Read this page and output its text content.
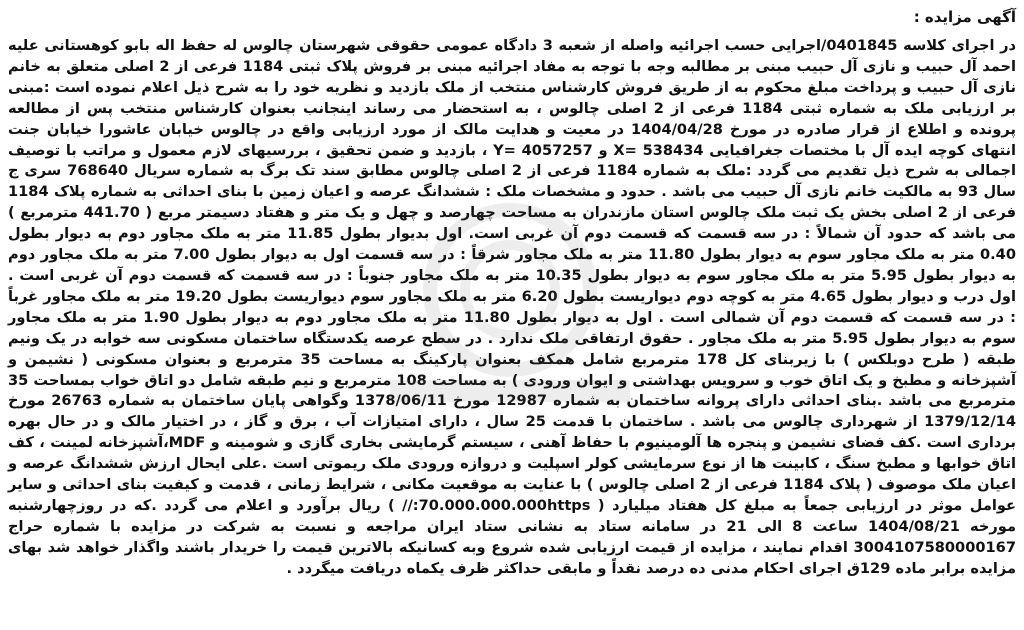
آگهی مزایده :

در اجرای کلاسه 0401845/اجرایی حسب اجرائیه واصله از شعبه 3 دادگاه عمومی حقوقی شهرستان چالوس له حفظ اله بابو کوهستانی علیه احمد آل حبیب و نازی آل حبیب مبنی بر مطالبه وجه با توجه به مفاد اجرائیه مبنی بر فروش پلاک ثبتی 1184 فرعی از 2 اصلی متعلق به خانم نازی آل حبیب و پرداخت مبلغ محکوم به از طریق فروش کارشناس منتخب از ملک بازدید و نظریه خود را به شرح ذیل اعلام نموده است :مبنی بر ارزیابی ملک به شماره ثبتی 1184 فرعی از 2 اصلی چالوس ، به استحضار می رساند اینجانب بعنوان کارشناس منتخب پس از مطالعه پرونده و اطلاع از قرار صادره در مورخ 1404/04/28 در معیت و هدایت مالک از مورد ارزیابی واقع در چالوس خیابان عاشورا خیابان جنت انتهای کوچه ایده آل با مختصات جغرافیایی 538434 =X و 4057257 =Y ، بازدید و ضمن تحقیق ، بررسیهای لازم معمول و مراتب با توصیف اجمالی به شرح ذیل تقدیم می گردد :ملک به شماره 1184 فرعی از 2 اصلی چالوس مطابق سند تک برگ به شماره سریال 768640 سری ج سال 93 به مالکیت خانم نازی آل حبیب می باشد . حدود و مشخصات ملک : ششدانگ عرصه و اعیان زمین با بنای احداثی به شماره پلاک 1184 فرعی از 2 اصلی بخش یک ثبت ملک چالوس استان مازندران به مساحت چهارصد و چهل و یک متر و هفتاد دسیمتر مربع ( 441.70 مترمربع ) می باشد که حدود آن شمالاً : در سه قسمت که قسمت دوم آن غربی است. اول بدیوار بطول 11.85 متر به ملک مجاور دوم به دیوار بطول 0.40 متر به ملک مجاور سوم به دیوار بطول 11.80 متر به ملک مجاور شرقاً : در سه قسمت اول به دیوار بطول 7.00 متر به ملک مجاور دوم به دیوار بطول 5.95 متر به ملک مجاور سوم به دیوار بطول 10.35 متر به ملک مجاور جنوباً : در سه قسمت که قسمت دوم آن غربی است . اول درب و دیوار بطول 4.65 متر به کوچه دوم دیواریست بطول 6.20 متر به ملک مجاور سوم دیواریست بطول 19.20 متر به ملک مجاور غرباً : در سه قسمت که قسمت دوم آن شمالی است . اول به دیوار بطول 11.80 متر به ملک مجاور دوم به دیوار بطول 1.90 متر به ملک مجاور سوم به دیوار بطول 5.95 متر به ملک مجاور . حقوق ارتفاقی ملک ندارد . در سطح عرصه یکدستگاه ساختمان مسکونی سه خوابه در یک ونیم طبقه ( طرح دوبلکس ) با زیربنای کل 178 مترمربع شامل همکف بعنوان پارکینگ به مساحت 35 مترمربع و بعنوان مسکونی ( نشیمن و آشپزخانه و مطبخ و یک اتاق خوب و سرویس بهداشتی و ایوان ورودی ) به مساحت 108 مترمربع و نیم طبقه شامل دو اتاق خواب بمساحت 35 مترمربع می باشد .بنای احداثی دارای پروانه ساختمان به شماره 12987 مورخ 1378/06/11 وگواهی پایان ساختمان به شماره 26763 مورخ 1379/12/14 از شهرداری چالوس می باشد . ساختمان با قدمت 25 سال ، دارای امتیازات آب ، برق و گاز ، در اختیار مالک و در حال بهره برداری است .کف فضای نشیمن و پنجره ها آلومینیوم با حفاظ آهنی ، سیستم گرمایشی بخاری گازی و شومینه و MDF،آشپزخانه لمینت ، کف اتاق خوابها و مطبخ سنگ ، کابینت ها از نوع سرمایشی کولر اسپلیت و دروازه ورودی ملک ریموتی است .علی ایحال ارزش ششدانگ عرصه و اعیان ملک موصوف ( پلاک 1184 فرعی از 2 اصلی چالوس ) با عنایت به موقعیت مکانی ، شرایط زمانی ، قدمت و کیفیت بنای احداثی و سایر عوامل موثر در ارزیابی جمعاً به مبلغ کل هفتاد میلیارد ( 70.000.000.000https:// ) ریال برآورد و اعلام می گردد .که در روزچهارشنبه مورخه 1404/08/21 ساعت 8 الی 21 در سامانه ستاد به نشانی ستاد ایران مراجعه و نسبت به شرکت در مزایده با شماره حراج 3004107580000167 اقدام نمایند ، مزایده از قیمت ارزیابی شده شروع وبه کسانیکه بالاترین قیمت را خریدار باشند واگذار خواهد شد بهای مزایده برابر ماده 129ق اجرای احکام مدنی ده درصد نقداً و مابقی حداکثر ظرف یکماه دریافت میگردد .
